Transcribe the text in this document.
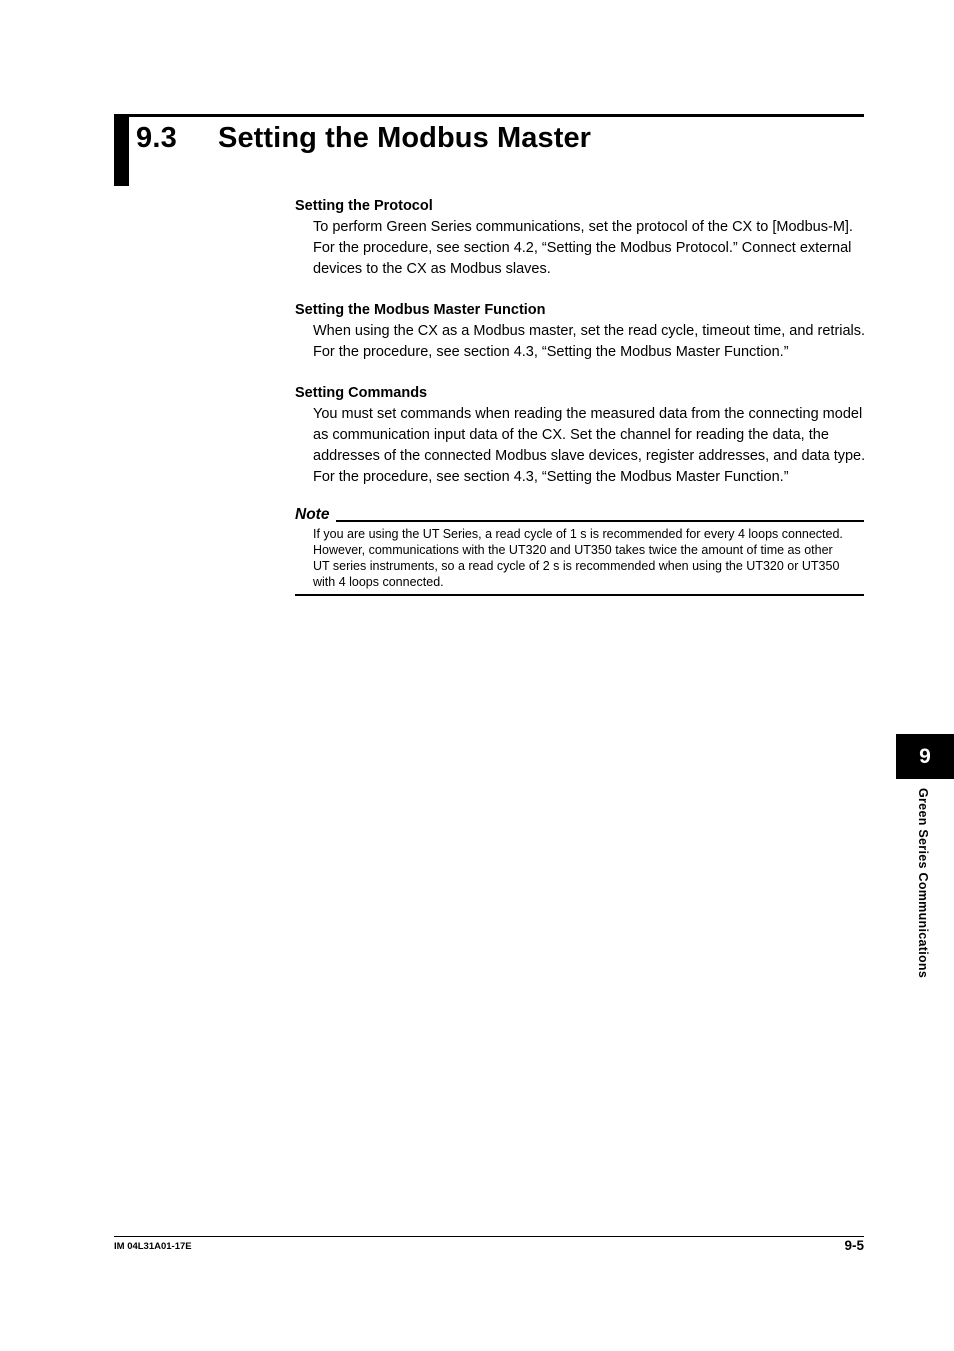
9.3 Setting the Modbus Master
Setting the Protocol
To perform Green Series communications, set the protocol of the CX to [Modbus-M].
For the procedure, see section 4.2, “Setting the Modbus Protocol.” Connect external
devices to the CX as Modbus slaves.
Setting the Modbus Master Function
When using the CX as a Modbus master, set the read cycle, timeout time, and retrials.
For the procedure, see section 4.3, “Setting the Modbus Master Function.”
Setting Commands
You must set commands when reading the measured data from the connecting model
as communication input data of the CX. Set the channel for reading the data, the
addresses of the connected Modbus slave devices, register addresses, and data type.
For the procedure, see section 4.3, “Setting the Modbus Master Function.”
Note
If you are using the UT Series, a read cycle of 1 s is recommended for every 4 loops connected.
However, communications with the UT320 and UT350 takes twice the amount of time as other
UT series instruments, so a read cycle of 2 s is recommended when using the UT320 or UT350
with 4 loops connected.
9
Green Series Communications
IM 04L31A01-17E	9-5
